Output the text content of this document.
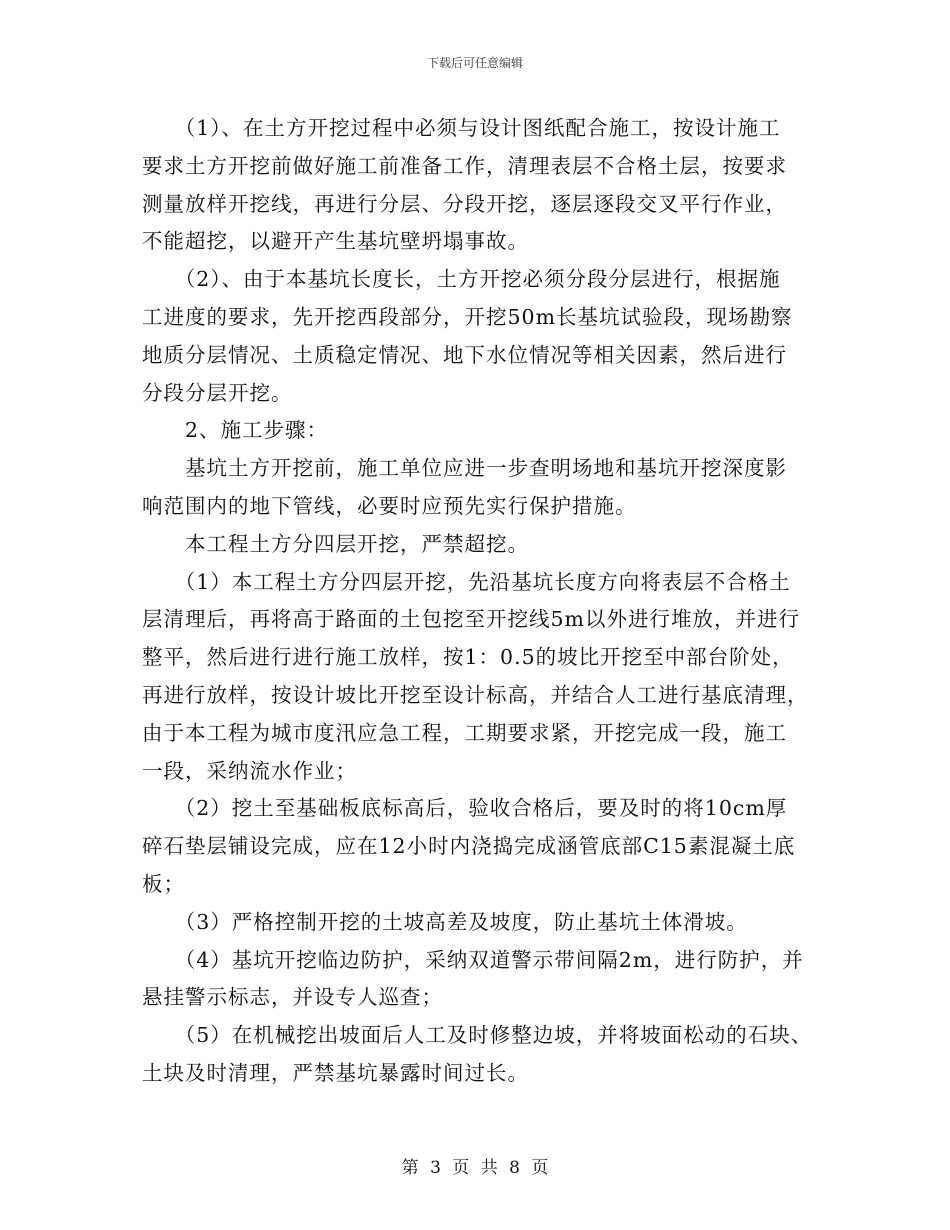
下载后可任意编辑
　　（1）、在土方开挖过程中必须与设计图纸配合施工，按设计施工
要求土方开挖前做好施工前准备工作，清理表层不合格土层，按要求
测量放样开挖线，再进行分层、分段开挖，逐层逐段交叉平行作业，
不能超挖，以避开产生基坑壁坍塌事故。
　　（2）、由于本基坑长度长，土方开挖必须分段分层进行，根据施
工进度的要求，先开挖西段部分，开挖50m长基坑试验段，现场勘察
地质分层情况、土质稳定情况、地下水位情况等相关因素，然后进行
分段分层开挖。
　　2、施工步骤：
　　基坑土方开挖前，施工单位应进一步查明场地和基坑开挖深度影
响范围内的地下管线，必要时应预先实行保护措施。
　　本工程土方分四层开挖，严禁超挖。
　　（1）本工程土方分四层开挖，先沿基坑长度方向将表层不合格土
层清理后，再将高于路面的土包挖至开挖线5m以外进行堆放，并进行
整平，然后进行进行施工放样，按1：0.5的坡比开挖至中部台阶处，
再进行放样，按设计坡比开挖至设计标高，并结合人工进行基底清理，
由于本工程为城市度汛应急工程，工期要求紧，开挖完成一段，施工
一段，采纳流水作业；
　　（2）挖土至基础板底标高后，验收合格后，要及时的将10cm厚
碎石垫层铺设完成，应在12小时内浇捣完成涵管底部C15素混凝土底
板；
　　（3）严格控制开挖的土坡高差及坡度，防止基坑土体滑坡。
　　（4）基坑开挖临边防护，采纳双道警示带间隔2m，进行防护，并
悬挂警示标志，并设专人巡查；
　　（5）在机械挖出坡面后人工及时修整边坡，并将坡面松动的石块、
土块及时清理，严禁基坑暴露时间过长。
第 3 页 共 8 页
